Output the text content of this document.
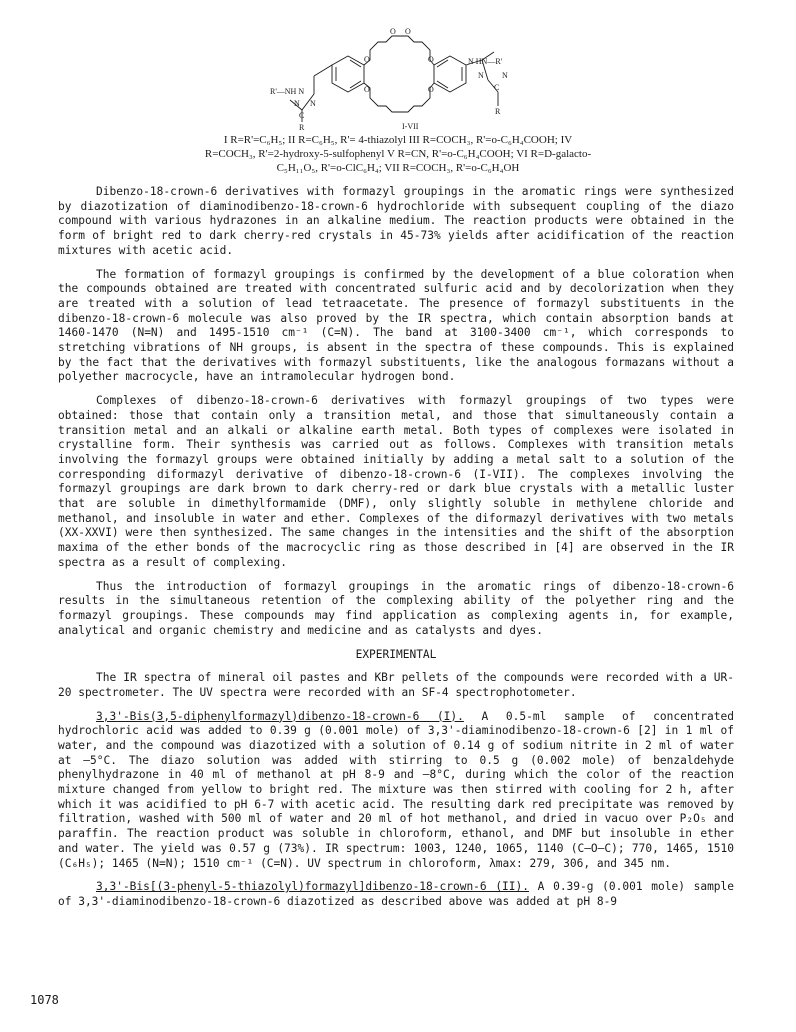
O	O
O O
O	O
R'—NH N
N N
C
R
N HN—R'
N N
C
R
I-VII
I R=R'=C₆H₅; II R=C₆H₅, R'= 4-thiazolyl III R=COCH₃, R'=o-C₆H₄COOH; IV
R=COCH₃, R'=2-hydroxy-5-sulfophenyl V R=CN, R'=o-C₆H₄COOH; VI R=D-galacto-
C₅H₁₁O₅, R'=o-ClC₆H₄; VII R=COCH₃, R'=o-C₆H₄OH

Dibenzo-18-crown-6 derivatives with formazyl groupings in the aromatic rings were synthesized by diazotization of diaminodibenzo-18-crown-6 hydrochloride with subsequent coupling of the diazo compound with various hydrazones in an alkaline medium. The reaction products were obtained in the form of bright red to dark cherry-red crystals in 45-73% yields after acidification of the reaction mixtures with acetic acid.

The formation of formazyl groupings is confirmed by the development of a blue coloration when the compounds obtained are treated with concentrated sulfuric acid and by decolorization when they are treated with a solution of lead tetraacetate. The presence of formazyl substituents in the dibenzo-18-crown-6 molecule was also proved by the IR spectra, which contain absorption bands at 1460-1470 (N=N) and 1495-1510 cm⁻¹ (C=N). The band at 3100-3400 cm⁻¹, which corresponds to stretching vibrations of NH groups, is absent in the spectra of these compounds. This is explained by the fact that the derivatives with formazyl substituents, like the analogous formazans without a polyether macrocycle, have an intramolecular hydrogen bond.

Complexes of dibenzo-18-crown-6 derivatives with formazyl groupings of two types were obtained: those that contain only a transition metal, and those that simultaneously contain a transition metal and an alkali or alkaline earth metal. Both types of complexes were isolated in crystalline form. Their synthesis was carried out as follows. Complexes with transition metals involving the formazyl groups were obtained initially by adding a metal salt to a solution of the corresponding diformazyl derivative of dibenzo-18-crown-6 (I-VII). The complexes involving the formazyl groupings are dark brown to dark cherry-red or dark blue crystals with a metallic luster that are soluble in dimethylformamide (DMF), only slightly soluble in methylene chloride and methanol, and insoluble in water and ether. Complexes of the diformazyl derivatives with two metals (XX-XXVI) were then synthesized. The same changes in the intensities and the shift of the absorption maxima of the ether bonds of the macrocyclic ring as those described in [4] are observed in the IR spectra as a result of complexing.

Thus the introduction of formazyl groupings in the aromatic rings of dibenzo-18-crown-6 results in the simultaneous retention of the complexing ability of the polyether ring and the formazyl groupings. These compounds may find application as complexing agents in, for example, analytical and organic chemistry and medicine and as catalysts and dyes.

EXPERIMENTAL

The IR spectra of mineral oil pastes and KBr pellets of the compounds were recorded with a UR-20 spectrometer. The UV spectra were recorded with an SF-4 spectrophotometer.

3,3'-Bis(3,5-diphenylformazyl)dibenzo-18-crown-6 (I). A 0.5-ml sample of concentrated hydrochloric acid was added to 0.39 g (0.001 mole) of 3,3'-diaminodibenzo-18-crown-6 [2] in 1 ml of water, and the compound was diazotized with a solution of 0.14 g of sodium nitrite in 2 ml of water at –5°C. The diazo solution was added with stirring to 0.5 g (0.002 mole) of benzaldehyde phenylhydrazone in 40 ml of methanol at pH 8-9 and –8°C, during which the color of the reaction mixture changed from yellow to bright red. The mixture was then stirred with cooling for 2 h, after which it was acidified to pH 6-7 with acetic acid. The resulting dark red precipitate was removed by filtration, washed with 500 ml of water and 20 ml of hot methanol, and dried in vacuo over P₂O₅ and paraffin. The reaction product was soluble in chloroform, ethanol, and DMF but insoluble in ether and water. The yield was 0.57 g (73%). IR spectrum: 1003, 1240, 1065, 1140 (C—O—C); 770, 1465, 1510 (C₆H₅); 1465 (N=N); 1510 cm⁻¹ (C=N). UV spectrum in chloroform, λmax: 279, 306, and 345 nm.

3,3'-Bis[(3-phenyl-5-thiazolyl)formazyl]dibenzo-18-crown-6 (II). A 0.39-g (0.001 mole) sample of 3,3'-diaminodibenzo-18-crown-6 diazotized as described above was added at pH 8-9

1078
